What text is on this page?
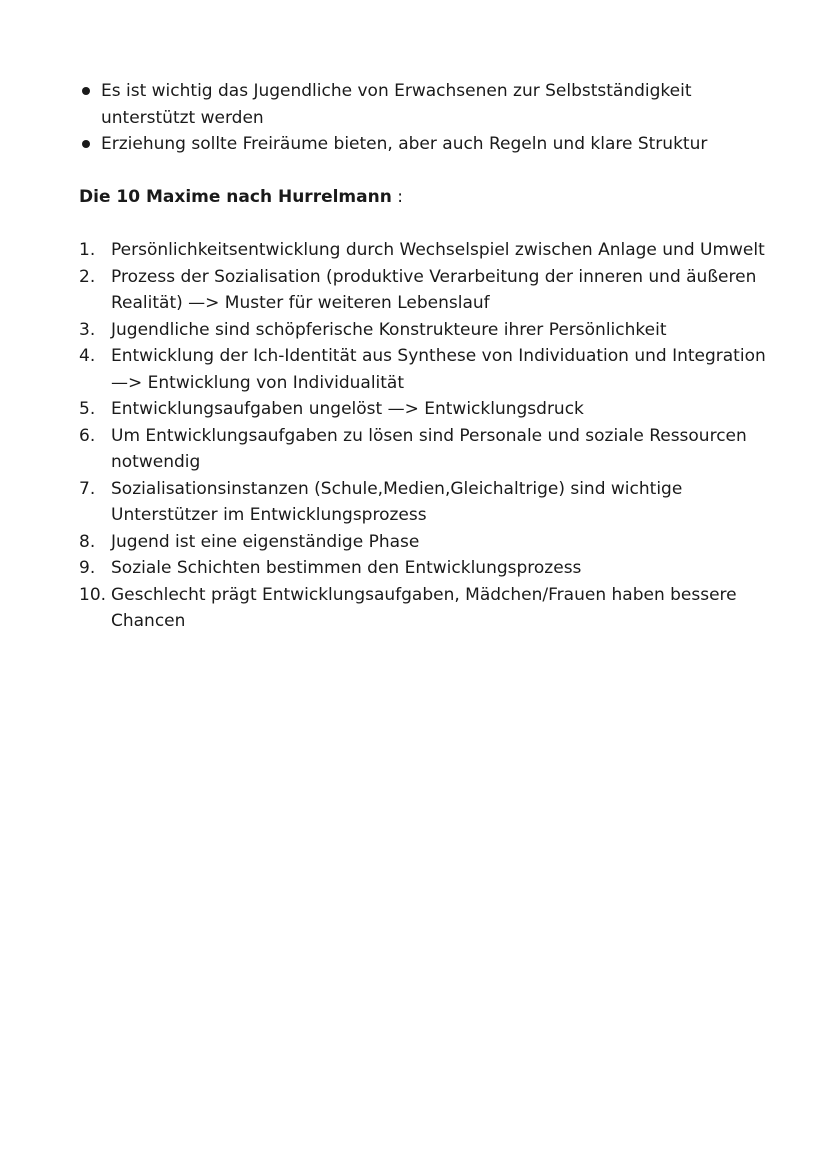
Es ist wichtig das Jugendliche von Erwachsenen zur Selbstständigkeit unterstützt werden
Erziehung sollte Freiräume bieten, aber auch Regeln und klare Struktur

Die 10 Maxime nach Hurrelmann :

1. Persönlichkeitsentwicklung durch Wechselspiel zwischen Anlage und Umwelt
2. Prozess der Sozialisation (produktive Verarbeitung der inneren und äußeren Realität) —> Muster für weiteren Lebenslauf
3. Jugendliche sind schöpferische Konstrukteure ihrer Persönlichkeit
4. Entwicklung der Ich-Identität aus Synthese von Individuation und Integration —> Entwicklung von Individualität
5. Entwicklungsaufgaben ungelöst —> Entwicklungsdruck
6. Um Entwicklungsaufgaben zu lösen sind Personale und soziale Ressourcen notwendig
7. Sozialisationsinstanzen (Schule,Medien,Gleichaltrige) sind wichtige Unterstützer im Entwicklungsprozess
8. Jugend ist eine eigenständige Phase
9. Soziale Schichten bestimmen den Entwicklungsprozess
10. Geschlecht prägt Entwicklungsaufgaben, Mädchen/Frauen haben bessere Chancen
